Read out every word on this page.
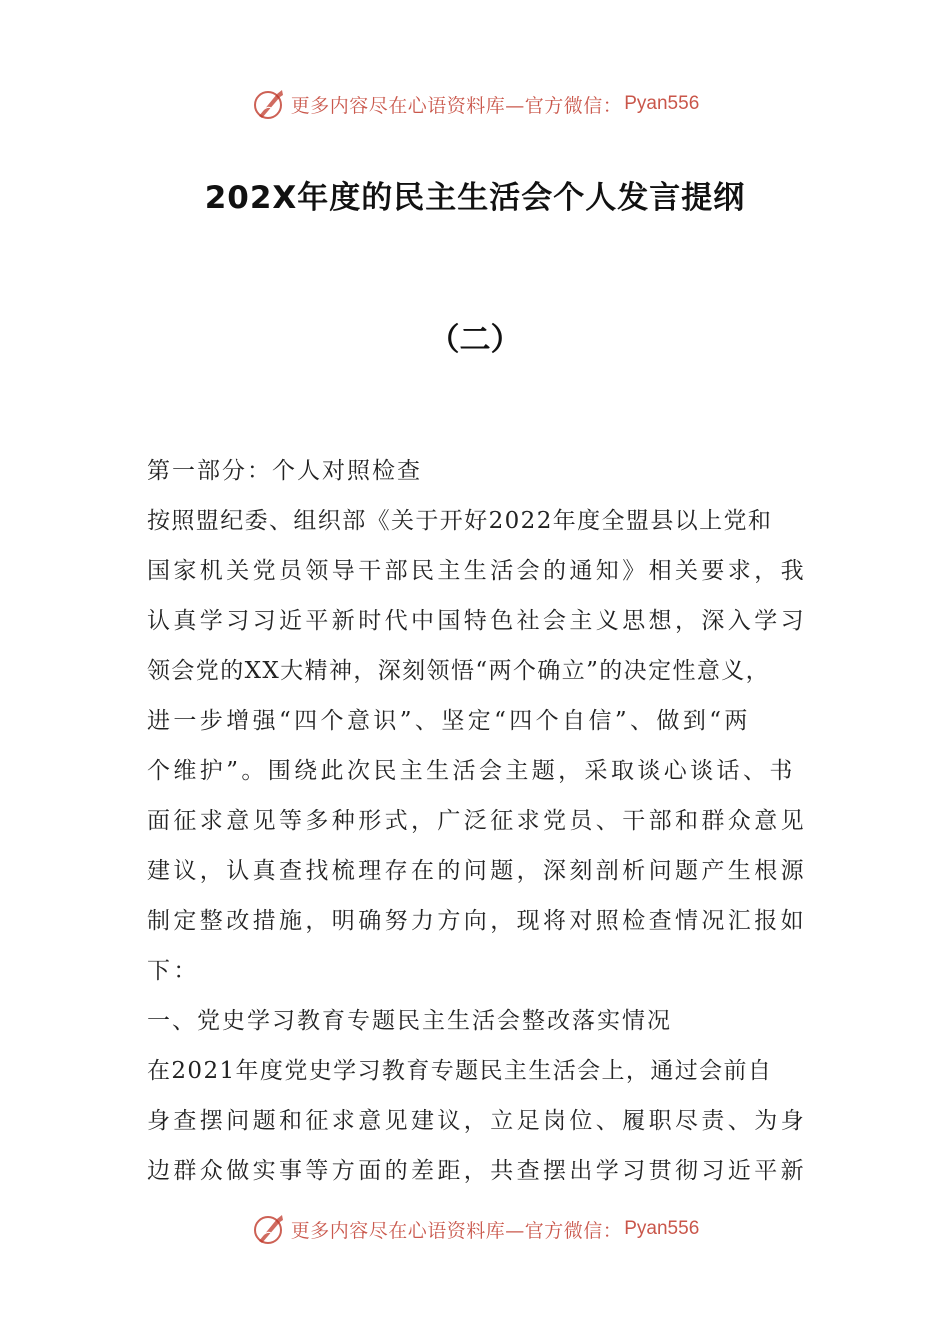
更多内容尽在心语资料库—官方微信： Pyan556
202X年度的民主生活会个人发言提纲
（二）

第一部分：个人对照检查

按照盟纪委、组织部《关于开好2022年度全盟县以上党和

国家机关党员领导干部民主生活会的通知》相关要求，我

认真学习习近平新时代中国特色社会主义思想，深入学习

领会党的XX大精神，深刻领悟“两个确立”的决定性意义，

进一步增强“四个意识”、坚定“四个自信”、做到“两

个维护”。围绕此次民主生活会主题，采取谈心谈话、书

面征求意见等多种形式，广泛征求党员、干部和群众意见

建议，认真查找梳理存在的问题，深刻剖析问题产生根源

制定整改措施，明确努力方向，现将对照检查情况汇报如

下：

一、党史学习教育专题民主生活会整改落实情况

在2021年度党史学习教育专题民主生活会上，通过会前自

身查摆问题和征求意见建议，立足岗位、履职尽责、为身

边群众做实事等方面的差距，共查摆出学习贯彻习近平新

更多内容尽在心语资料库—官方微信： Pyan556
